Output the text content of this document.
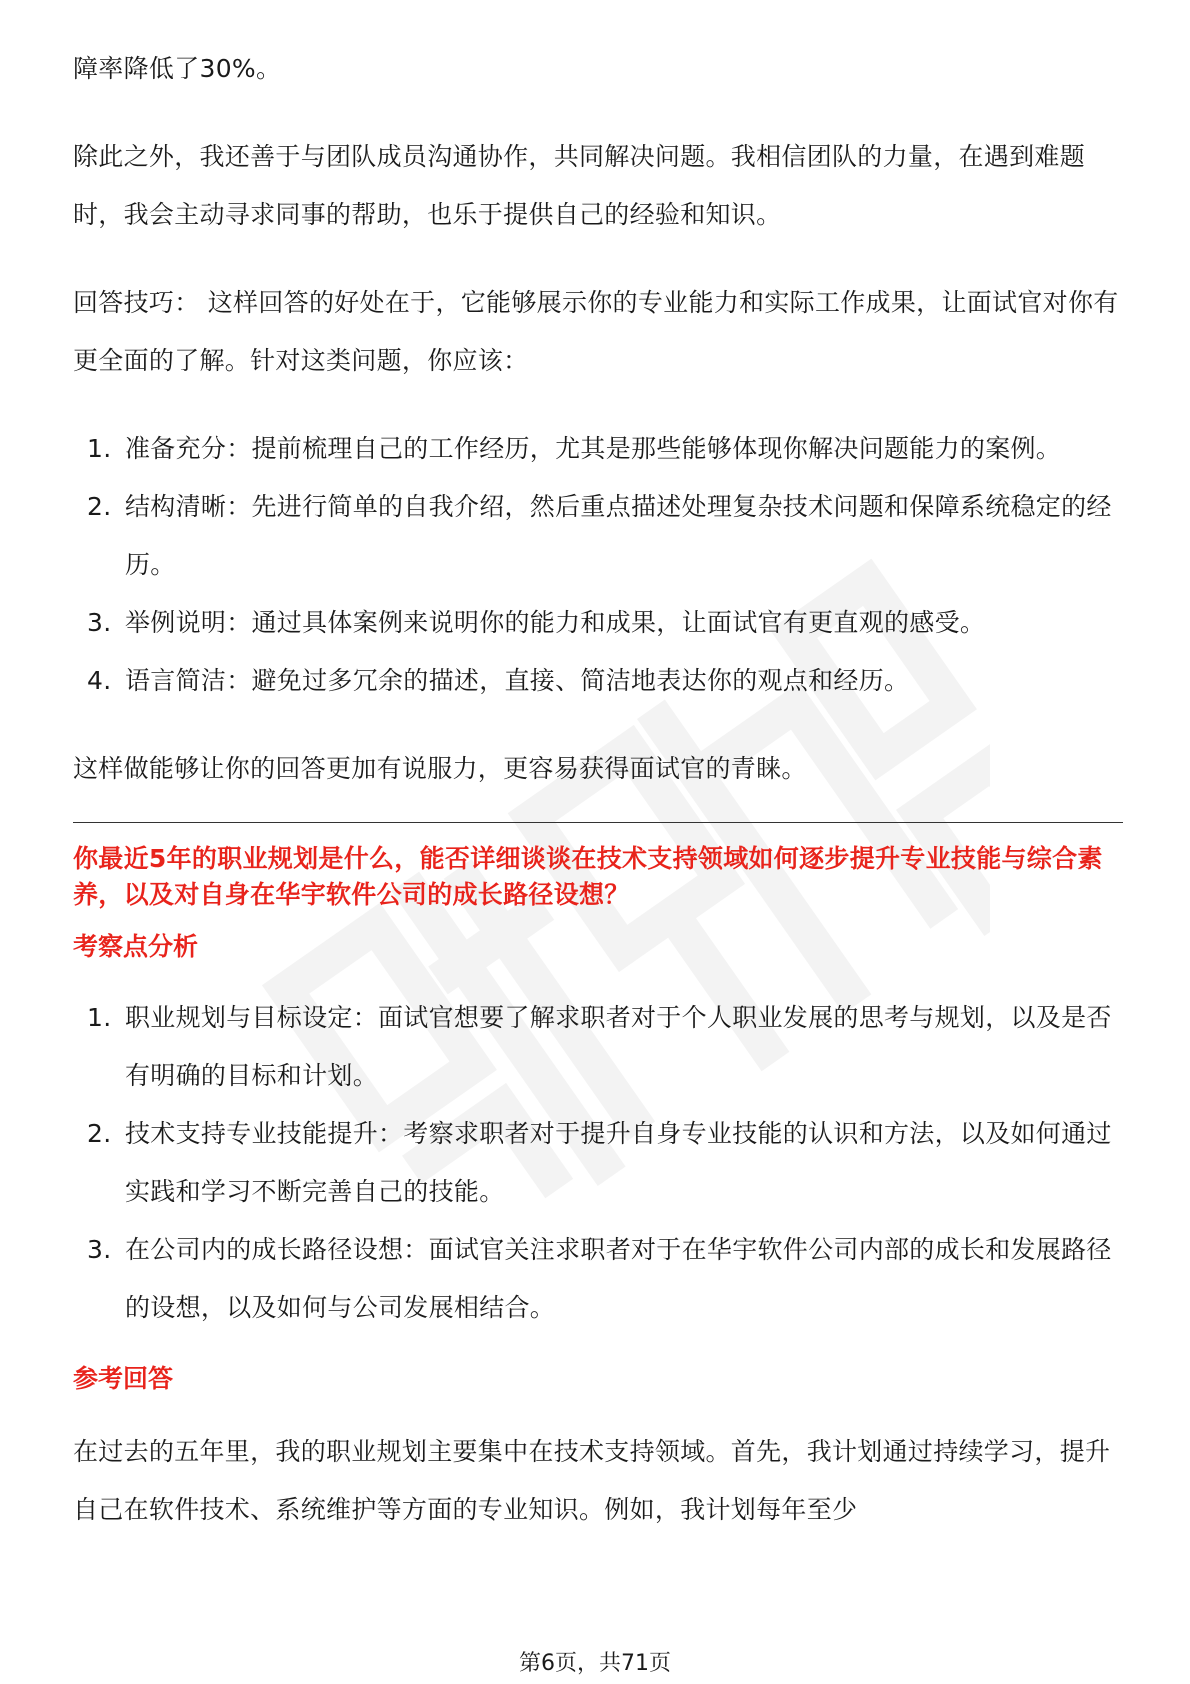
障率降低了30%。

除此之外，我还善于与团队成员沟通协作，共同解决问题。我相信团队的力量，在遇到难题时，我会主动寻求同事的帮助，也乐于提供自己的经验和知识。

回答技巧： 这样回答的好处在于，它能够展示你的专业能力和实际工作成果，让面试官对你有更全面的了解。针对这类问题，你应该：

1. 准备充分：提前梳理自己的工作经历，尤其是那些能够体现你解决问题能力的案例。
2. 结构清晰：先进行简单的自我介绍，然后重点描述处理复杂技术问题和保障系统稳定的经历。
3. 举例说明：通过具体案例来说明你的能力和成果，让面试官有更直观的感受。
4. 语言简洁：避免过多冗余的描述，直接、简洁地表达你的观点和经历。

这样做能够让你的回答更加有说服力，更容易获得面试官的青睐。

你最近5年的职业规划是什么，能否详细谈谈在技术支持领域如何逐步提升专业技能与综合素养，以及对自身在华宇软件公司的成长路径设想？

考察点分析

1. 职业规划与目标设定：面试官想要了解求职者对于个人职业发展的思考与规划，以及是否有明确的目标和计划。
2. 技术支持专业技能提升：考察求职者对于提升自身专业技能的认识和方法，以及如何通过实践和学习不断完善自己的技能。
3. 在公司内的成长路径设想：面试官关注求职者对于在华宇软件公司内部的成长和发展路径的设想，以及如何与公司发展相结合。

参考回答

在过去的五年里，我的职业规划主要集中在技术支持领域。首先，我计划通过持续学习，提升自己在软件技术、系统维护等方面的专业知识。例如，我计划每年至少

第6页，共71页
